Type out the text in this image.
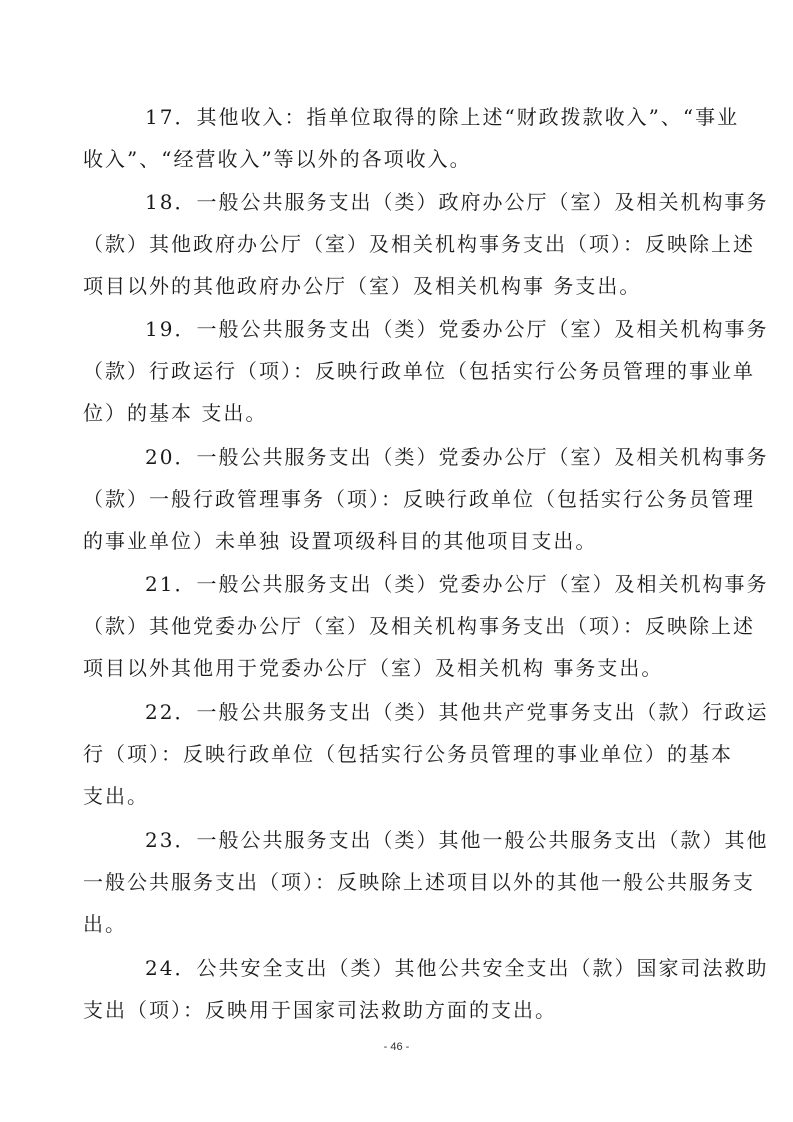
17．其他收入：指单位取得的除上述“财政拨款收入”、“事业
收入”、“经营收入”等以外的各项收入。
18．一般公共服务支出（类）政府办公厅（室）及相关机构事务
（款）其他政府办公厅（室）及相关机构事务支出（项）：反映除上述
项目以外的其他政府办公厅（室）及相关机构事 务支出。
19．一般公共服务支出（类）党委办公厅（室）及相关机构事务
（款）行政运行（项）：反映行政单位（包括实行公务员管理的事业单
位）的基本 支出。
20．一般公共服务支出（类）党委办公厅（室）及相关机构事务
（款）一般行政管理事务（项）：反映行政单位（包括实行公务员管理
的事业单位）未单独 设置项级科目的其他项目支出。
21．一般公共服务支出（类）党委办公厅（室）及相关机构事务
（款）其他党委办公厅（室）及相关机构事务支出（项）：反映除上述
项目以外其他用于党委办公厅（室）及相关机构 事务支出。
22．一般公共服务支出（类）其他共产党事务支出（款）行政运
行（项）：反映行政单位（包括实行公务员管理的事业单位）的基本
支出。
23．一般公共服务支出（类）其他一般公共服务支出（款）其他
一般公共服务支出（项）：反映除上述项目以外的其他一般公共服务支
出。
24．公共安全支出（类）其他公共安全支出（款）国家司法救助
支出（项）：反映用于国家司法救助方面的支出。
- 46 -
